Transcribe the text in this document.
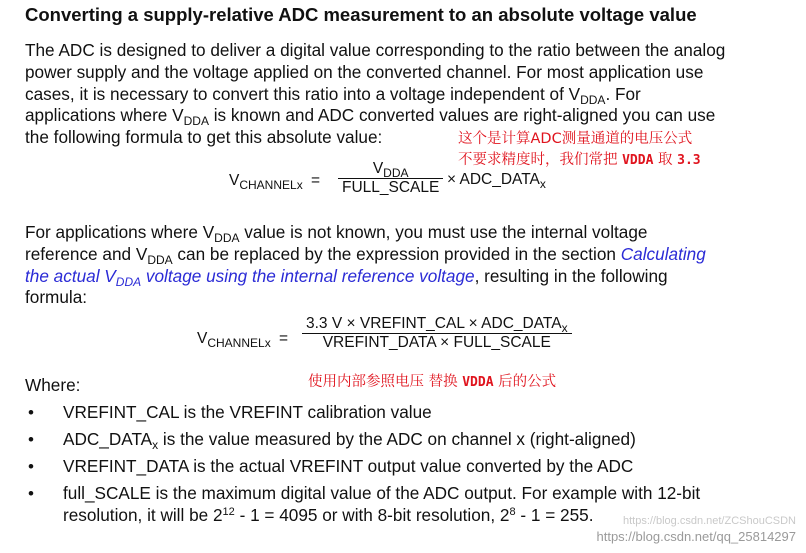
Converting a supply-relative ADC measurement to an absolute voltage value
The ADC is designed to deliver a digital value corresponding to the ratio between the analog
power supply and the voltage applied on the converted channel. For most application use
cases, it is necessary to convert this ratio into a voltage independent of $V_{DDA}$. For
applications where $V_{DDA}$ is known and ADC converted values are right-aligned you can use
the following formula to get this absolute value:	这个是计算ADC测量通道的电压公式
不要求精度时，我们常把 VDDA 取 3.3
$V_{CHANNELx}$ =
$V_{DDA}$
FULL_SCALE × $ADC\_DATA_x$
For applications where $V_{DDA}$ value is not known, you must use the internal voltage
reference and $V_{DDA}$ can be replaced by the expression provided in the section Calculating
the actual $V_{DDA}$ voltage using the internal reference voltage, resulting in the following
formula:
$V_{CHANNELx}$ =
3.3 V × VREFINT_CAL × $ADC\_DATA_x$
VREFINT_DATA × FULL_SCALE
使用内部参照电压 替换 VDDA 后的公式
Where:
• VREFINT_CAL is the VREFINT calibration value
• $ADC\_DATA_x$ is the value measured by the ADC on channel x (right-aligned)
• VREFINT_DATA is the actual VREFINT output value converted by the ADC
• full_SCALE is the maximum digital value of the ADC output. For example with 12-bit
resolution, it will be $2^{12} - 1 = 4095$ or with 8-bit resolution, $2^8 - 1 = 255$.	https://blog.csdn.net/ZCShouCSDN
https://blog.csdn.net/qq_25814297
